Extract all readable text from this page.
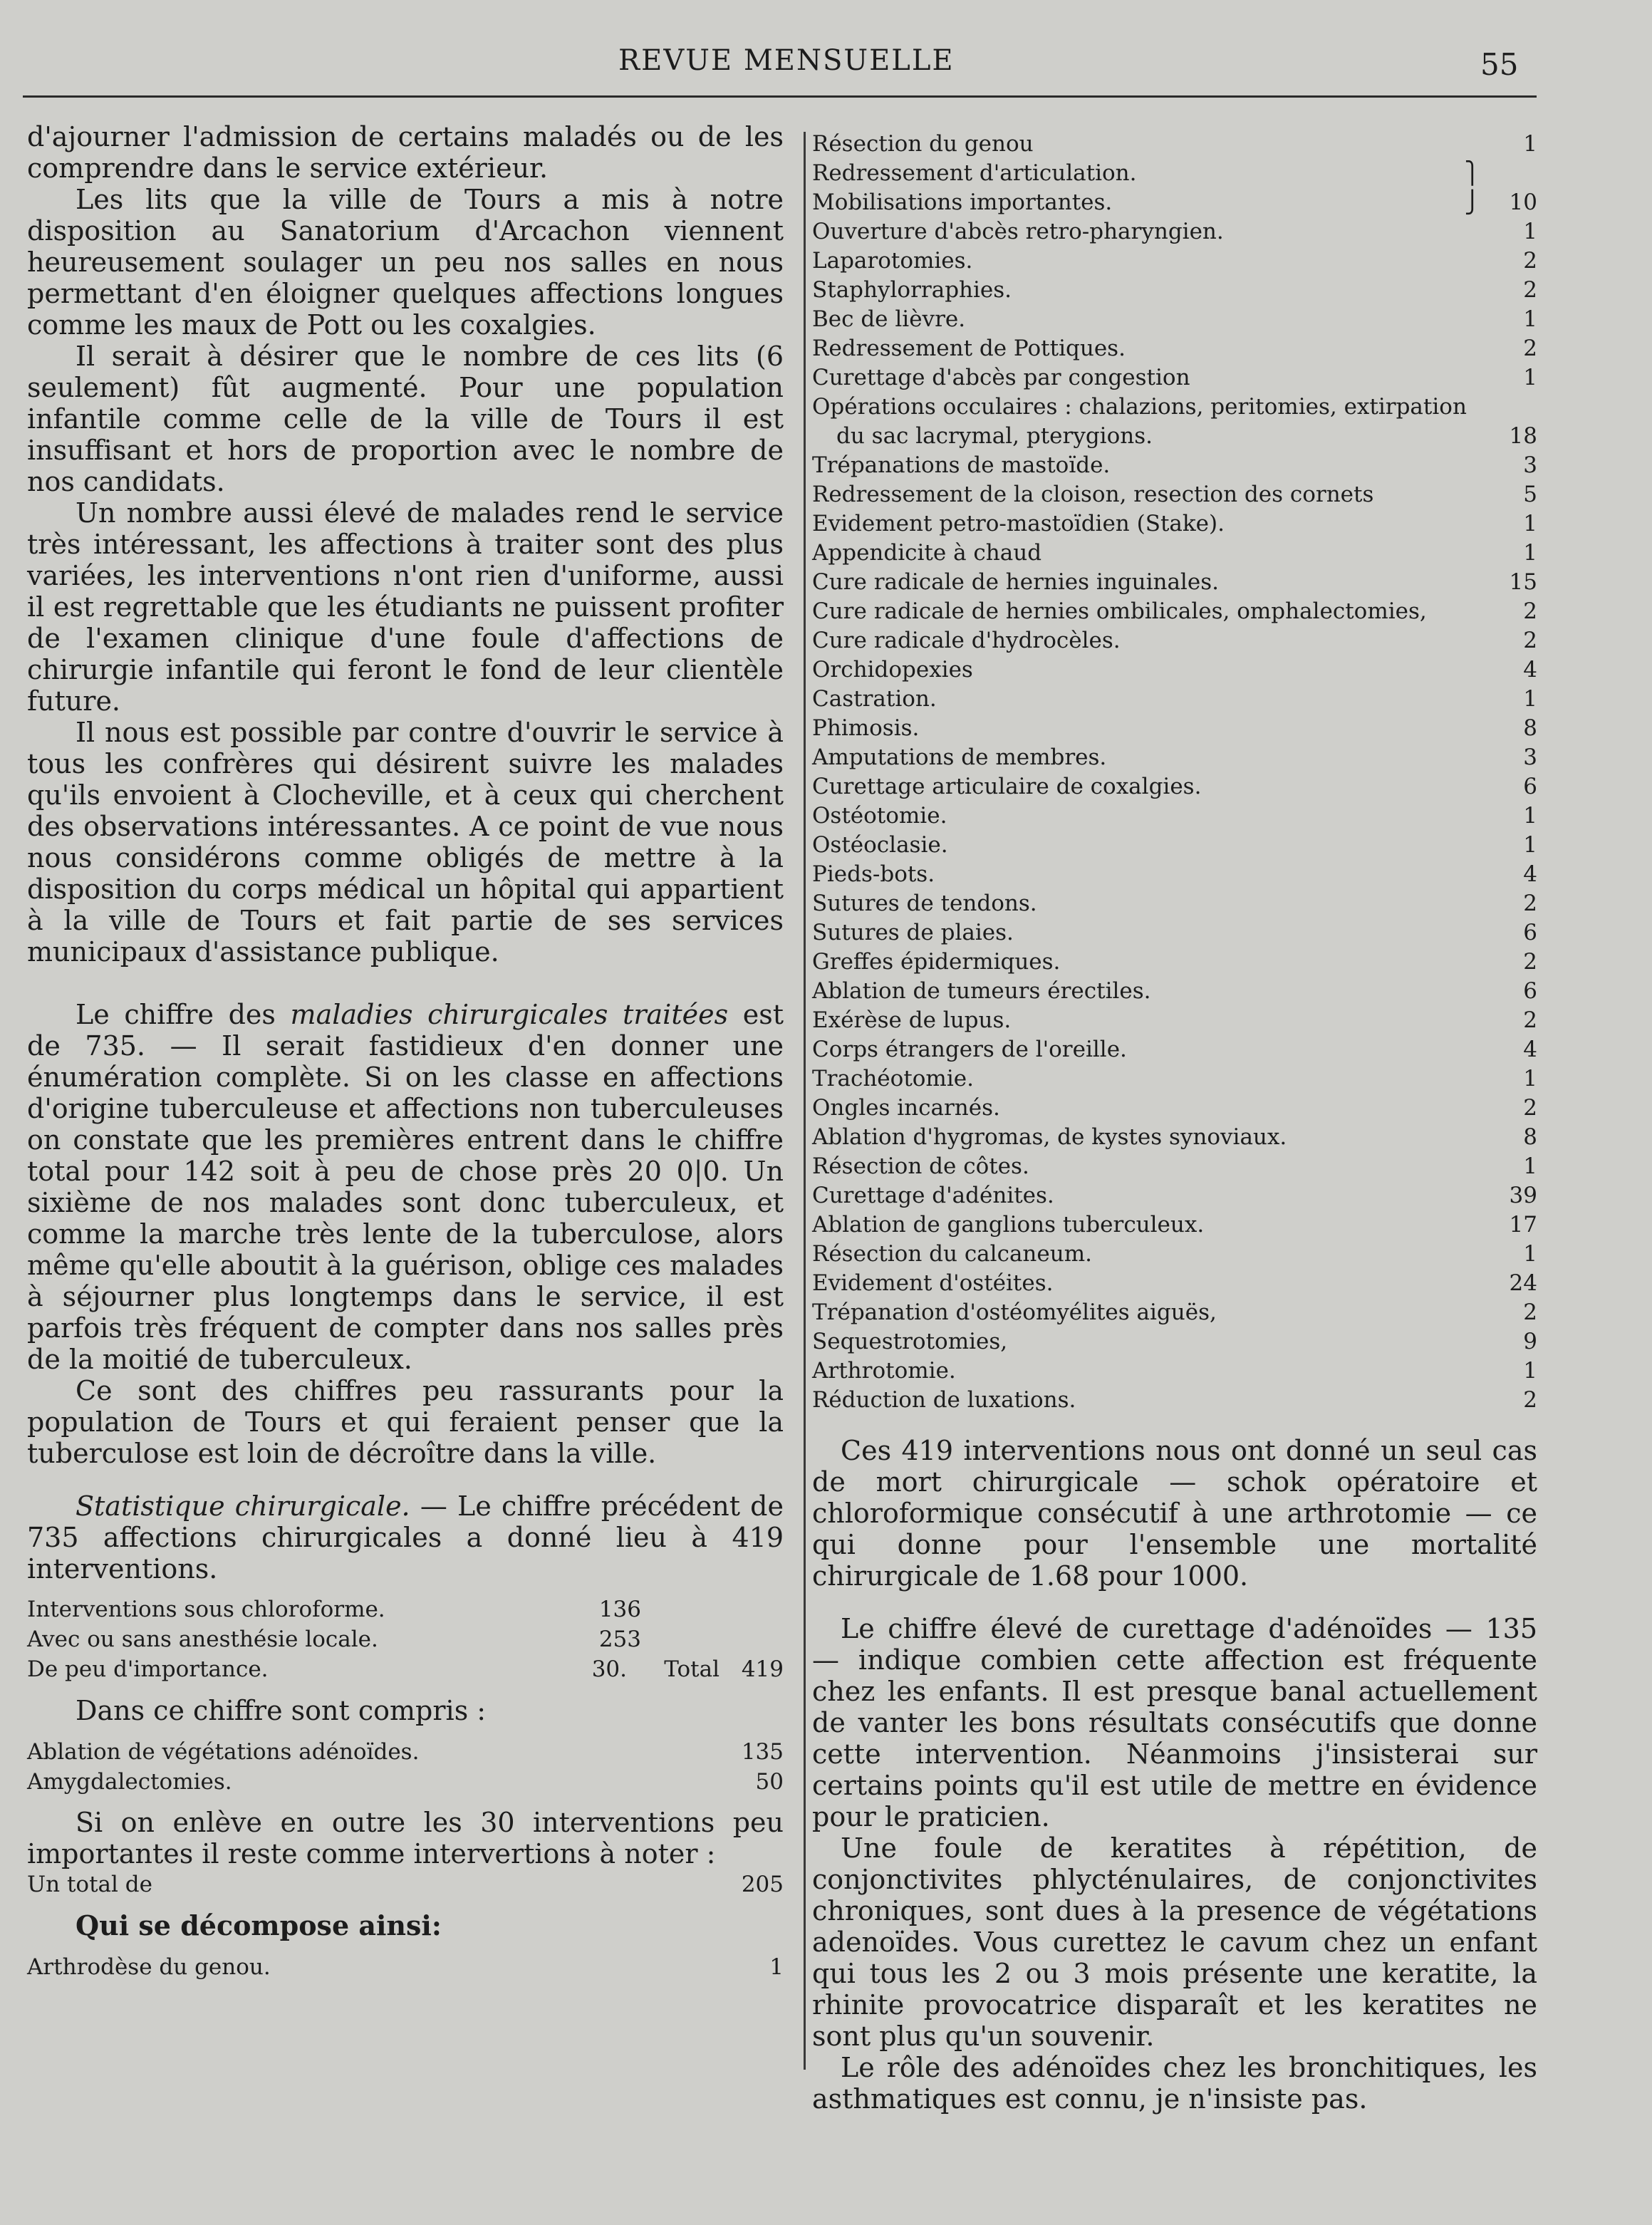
REVUE MENSUELLE	55

d'ajourner l'admission de certains maladés ou de les comprendre dans le service extérieur.

Les lits que la ville de Tours a mis à notre disposition au Sanatorium d'Arcachon viennent heureusement soulager un peu nos salles en nous permettant d'en éloigner quelques affections longues comme les maux de Pott ou les coxalgies.

Il serait à désirer que le nombre de ces lits (6 seulement) fût augmenté. Pour une population infantile comme celle de la ville de Tours il est insuffisant et hors de proportion avec le nombre de nos candidats.

Un nombre aussi élevé de malades rend le service très intéressant, les affections à traiter sont des plus variées, les interventions n'ont rien d'uniforme, aussi il est regrettable que les étudiants ne puissent profiter de l'examen clinique d'une foule d'affections de chirurgie infantile qui feront le fond de leur clientèle future.

Il nous est possible par contre d'ouvrir le service à tous les confrères qui désirent suivre les malades qu'ils envoient à Clocheville, et à ceux qui cherchent des observations intéressantes. A ce point de vue nous nous considérons comme obligés de mettre à la disposition du corps médical un hôpital qui appartient à la ville de Tours et fait partie de ses services municipaux d'assistance publique.

Le chiffre des maladies chirurgicales traitées est de 735. — Il serait fastidieux d'en donner une énumération complète. Si on les classe en affections d'origine tuberculeuse et affections non tuberculeuses on constate que les premières entrent dans le chiffre total pour 142 soit à peu de chose près 20 0|0. Un sixième de nos malades sont donc tuberculeux, et comme la marche très lente de la tuberculose, alors même qu'elle aboutit à la guérison, oblige ces malades à séjourner plus longtemps dans le service, il est parfois très fréquent de compter dans nos salles près de la moitié de tuberculeux.

Ce sont des chiffres peu rassurants pour la population de Tours et qui feraient penser que la tuberculose est loin de décroître dans la ville.

Statistique chirurgicale. — Le chiffre précédent de 735 affections chirurgicales a donné lieu à 419 interventions.

Interventions sous chloroforme.	136
Avec ou sans anesthésie locale.	253
De peu d'importance.	30.	Total 419

Dans ce chiffre sont compris :

Ablation de végétations adénoïdes.	135
Amygdalectomies.	50

Si on enlève en outre les 30 interventions peu importantes il reste comme intervertions à noter :

Un total de	205

Qui se décompose ainsi:

Arthrodèse du genou.	1
Résection du genou	1
Redressement d'articulation.	⎫
Mobilisations importantes.	⎭	10
Ouverture d'abcès retro-pharyngien.	1
Laparotomies.	2
Staphylorraphies.	2
Bec de lièvre.	1
Redressement de Pottiques.	2
Curettage d'abcès par congestion	1
Opérations occulaires : chalazions, peritomies, extirpation
du sac lacrymal, pterygions.	18
Trépanations de mastoïde.	3
Redressement de la cloison, resection des cornets	5
Evidement petro-mastoïdien (Stake).	1
Appendicite à chaud	1
Cure radicale de hernies inguinales.	15
Cure radicale de hernies ombilicales, omphalectomies,	2
Cure radicale d'hydrocèles.	2
Orchidopexies	4
Castration.	1
Phimosis.	8
Amputations de membres.	3
Curettage articulaire de coxalgies.	6
Ostéotomie.	1
Ostéoclasie.	1
Pieds-bots.	4
Sutures de tendons.	2
Sutures de plaies.	6
Greffes épidermiques.	2
Ablation de tumeurs érectiles.	6
Exérèse de lupus.	2
Corps étrangers de l'oreille.	4
Trachéotomie.	1
Ongles incarnés.	2
Ablation d'hygromas, de kystes synoviaux.	8
Résection de côtes.	1
Curettage d'adénites.	39
Ablation de ganglions tuberculeux.	17
Résection du calcaneum.	1
Evidement d'ostéites.	24
Trépanation d'ostéomyélites aiguës,	2
Sequestrotomies,	9
Arthrotomie.	1
Réduction de luxations.	2

Ces 419 interventions nous ont donné un seul cas de mort chirurgicale — schok opératoire et chloroformique consécutif à une arthrotomie — ce qui donne pour l'ensemble une mortalité chirurgicale de 1.68 pour 1000.

Le chiffre élevé de curettage d'adénoïdes — 135 — indique combien cette affection est fréquente chez les enfants. Il est presque banal actuellement de vanter les bons résultats consécutifs que donne cette intervention. Néanmoins j'insisterai sur certains points qu'il est utile de mettre en évidence pour le praticien.

Une foule de keratites à répétition, de conjonctivites phlycténulaires, de conjonctivites chroniques, sont dues à la presence de végétations adenoïdes. Vous curettez le cavum chez un enfant qui tous les 2 ou 3 mois présente une keratite, la rhinite provocatrice disparaît et les keratites ne sont plus qu'un souvenir.

Le rôle des adénoïdes chez les bronchitiques, les asthmatiques est connu, je n'insiste pas.
